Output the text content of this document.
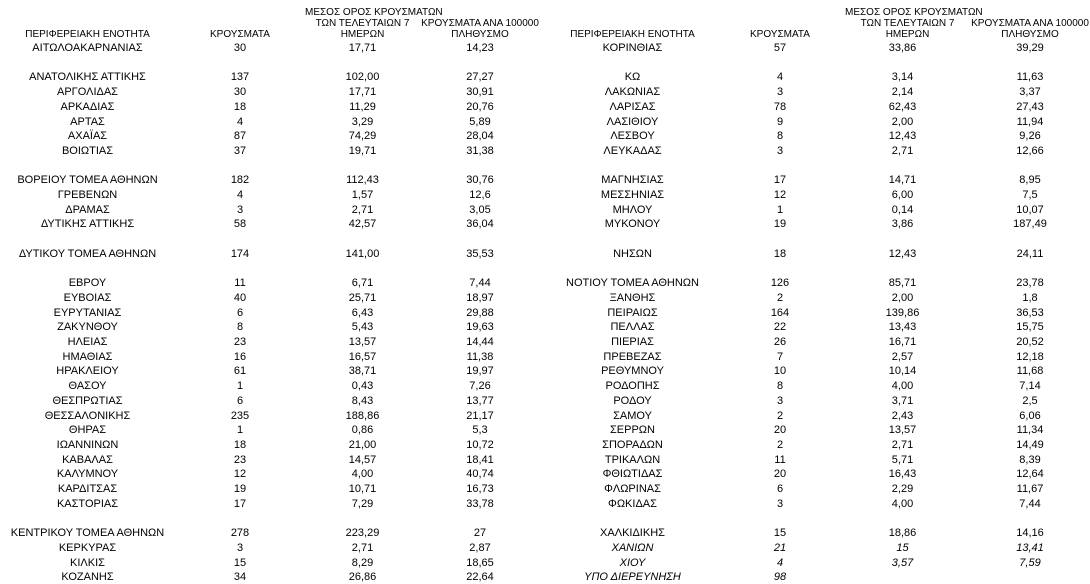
ΠΕΡΙΦΕΡΕΙΑΚΗ ΕΝΟΤΗΤΑ	ΚΡΟΥΣΜΑΤΑ
ΜΕΣΟΣ ΟΡΟΣ ΚΡΟΥΣΜΑΤΩΝ
ΤΩΝ ΤΕΛΕΥΤΑΙΩΝ 7
ΗΜΕΡΩΝ
ΚΡΟΥΣΜΑΤΑ ΑΝΑ 100000
ΠΛΗΘΥΣΜΟ
ΑΙΤΩΛΟΑΚΑΡΝΑΝΙΑΣ	30	17,71	14,23
ΑΝΑΤΟΛΙΚΗΣ ΑΤΤΙΚΗΣ	137	102,00	27,27
ΑΡΓΟΛΙΔΑΣ	30	17,71	30,91
ΑΡΚΑΔΙΑΣ	18	11,29	20,76
ΑΡΤΑΣ	4	3,29	5,89
ΑΧΑΪΑΣ	87	74,29	28,04
ΒΟΙΩΤΙΑΣ	37	19,71	31,38
ΒΟΡΕΙΟΥ ΤΟΜΕΑ ΑΘΗΝΩΝ	182	112,43	30,76
ΓΡΕΒΕΝΩΝ	4	1,57	12,6
ΔΡΑΜΑΣ	3	2,71	3,05
ΔΥΤΙΚΗΣ ΑΤΤΙΚΗΣ	58	42,57	36,04
ΔΥΤΙΚΟΥ ΤΟΜΕΑ ΑΘΗΝΩΝ	174	141,00	35,53
ΕΒΡΟΥ	11	6,71	7,44
ΕΥΒΟΙΑΣ	40	25,71	18,97
ΕΥΡΥΤΑΝΙΑΣ	6	6,43	29,88
ΖΑΚΥΝΘΟΥ	8	5,43	19,63
ΗΛΕΙΑΣ	23	13,57	14,44
ΗΜΑΘΙΑΣ	16	16,57	11,38
ΗΡΑΚΛΕΙΟΥ	61	38,71	19,97
ΘΑΣΟΥ	1	0,43	7,26
ΘΕΣΠΡΩΤΙΑΣ	6	8,43	13,77
ΘΕΣΣΑΛΟΝΙΚΗΣ	235	188,86	21,17
ΘΗΡΑΣ	1	0,86	5,3
ΙΩΑΝΝΙΝΩΝ	18	21,00	10,72
ΚΑΒΑΛΑΣ	23	14,57	18,41
ΚΑΛΥΜΝΟΥ	12	4,00	40,74
ΚΑΡΔΙΤΣΑΣ	19	10,71	16,73
ΚΑΣΤΟΡΙΑΣ	17	7,29	33,78
ΚΕΝΤΡΙΚΟΥ ΤΟΜΕΑ ΑΘΗΝΩΝ	278	223,29	27
ΚΕΡΚΥΡΑΣ	3	2,71	2,87
ΚΙΛΚΙΣ	15	8,29	18,65
ΚΟΖΑΝΗΣ	34	26,86	22,64
ΠΕΡΙΦΕΡΕΙΑΚΗ ΕΝΟΤΗΤΑ	ΚΡΟΥΣΜΑΤΑ
ΜΕΣΟΣ ΟΡΟΣ ΚΡΟΥΣΜΑΤΩΝ
ΤΩΝ ΤΕΛΕΥΤΑΙΩΝ 7
ΗΜΕΡΩΝ
ΚΡΟΥΣΜΑΤΑ ΑΝΑ 100000
ΠΛΗΘΥΣΜΟ
ΚΟΡΙΝΘΙΑΣ	57	33,86	39,29
ΚΩ	4	3,14	11,63
ΛΑΚΩΝΙΑΣ	3	2,14	3,37
ΛΑΡΙΣΑΣ	78	62,43	27,43
ΛΑΣΙΘΙΟΥ	9	2,00	11,94
ΛΕΣΒΟΥ	8	12,43	9,26
ΛΕΥΚΑΔΑΣ	3	2,71	12,66
ΜΑΓΝΗΣΙΑΣ	17	14,71	8,95
ΜΕΣΣΗΝΙΑΣ	12	6,00	7,5
ΜΗΛΟΥ	1	0,14	10,07
ΜΥΚΟΝΟΥ	19	3,86	187,49
ΝΗΣΩΝ	18	12,43	24,11
ΝΟΤΙΟΥ ΤΟΜΕΑ ΑΘΗΝΩΝ	126	85,71	23,78
ΞΑΝΘΗΣ	2	2,00	1,8
ΠΕΙΡΑΙΩΣ	164	139,86	36,53
ΠΕΛΛΑΣ	22	13,43	15,75
ΠΙΕΡΙΑΣ	26	16,71	20,52
ΠΡΕΒΕΖΑΣ	7	2,57	12,18
ΡΕΘΥΜΝΟΥ	10	10,14	11,68
ΡΟΔΟΠΗΣ	8	4,00	7,14
ΡΟΔΟΥ	3	3,71	2,5
ΣΑΜΟΥ	2	2,43	6,06
ΣΕΡΡΩΝ	20	13,57	11,34
ΣΠΟΡΑΔΩΝ	2	2,71	14,49
ΤΡΙΚΑΛΩΝ	11	5,71	8,39
ΦΘΙΩΤΙΔΑΣ	20	16,43	12,64
ΦΛΩΡΙΝΑΣ	6	2,29	11,67
ΦΩΚΙΔΑΣ	3	4,00	7,44
ΧΑΛΚΙΔΙΚΗΣ	15	18,86	14,16
ΧΑΝΙΩΝ	21	15	13,41
ΧΙΟΥ	4	3,57	7,59
ΥΠΟ ΔΙΕΡΕΥΝΗΣΗ	98
